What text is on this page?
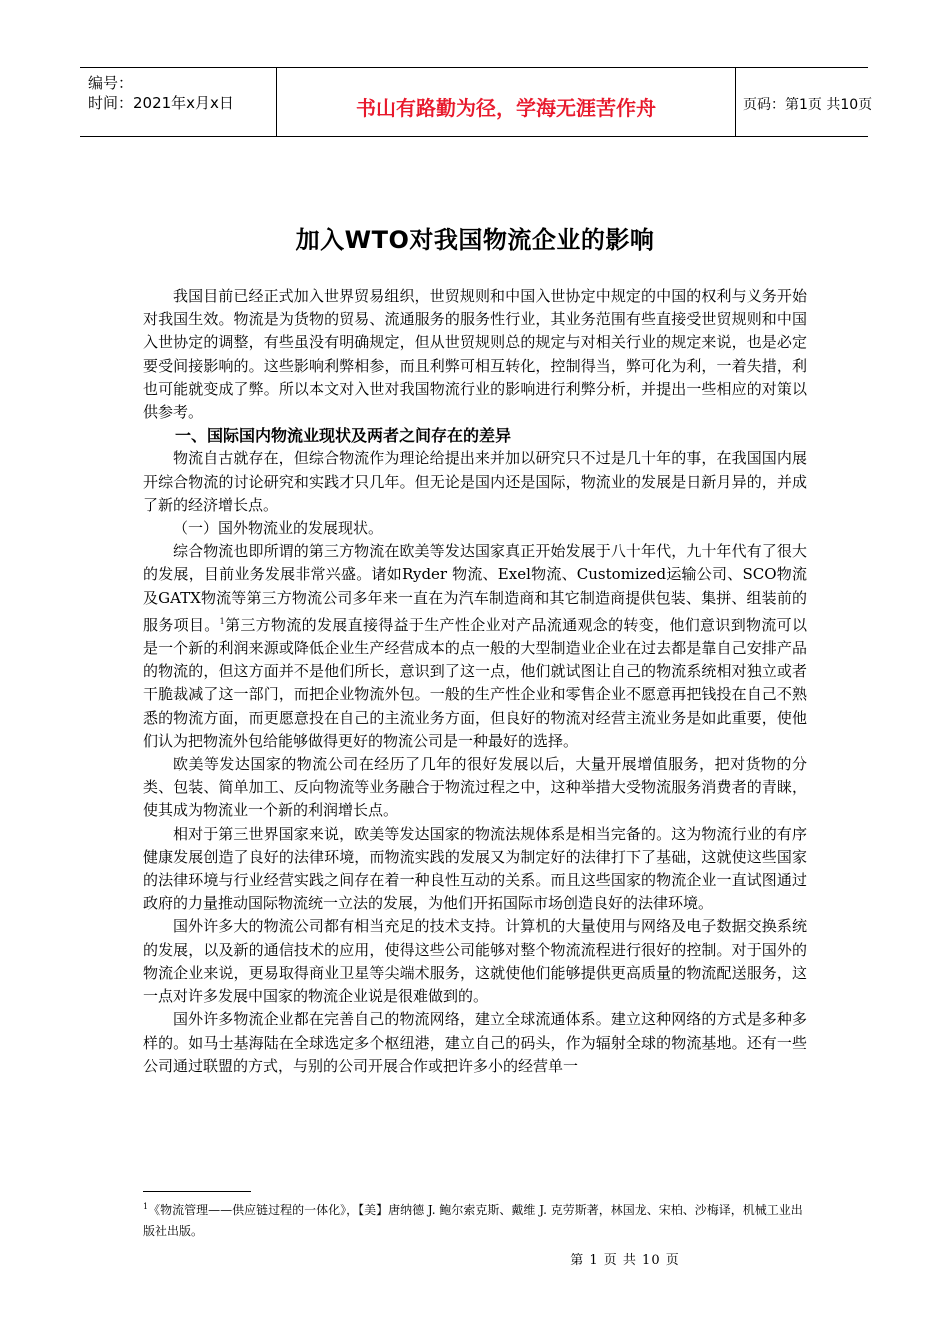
编号：
时间：2021年x月x日	书山有路勤为径，学海无涯苦作舟	页码：第1页 共10页
加入WTO对我国物流企业的影响

我国目前已经正式加入世界贸易组织，世贸规则和中国入世协定中规定的中国的权利与义务开始对我国生效。物流是为货物的贸易、流通服务的服务性行业，其业务范围有些直接受世贸规则和中国入世协定的调整，有些虽没有明确规定，但从世贸规则总的规定与对相关行业的规定来说，也是必定要受间接影响的。这些影响利弊相参，而且利弊可相互转化，控制得当，弊可化为利，一着失措，利也可能就变成了弊。所以本文对入世对我国物流行业的影响进行利弊分析，并提出一些相应的对策以供参考。

一、国际国内物流业现状及两者之间存在的差异

物流自古就存在，但综合物流作为理论给提出来并加以研究只不过是几十年的事，在我国国内展开综合物流的讨论研究和实践才只几年。但无论是国内还是国际，物流业的发展是日新月异的，并成了新的经济增长点。

（一）国外物流业的发展现状。

综合物流也即所谓的第三方物流在欧美等发达国家真正开始发展于八十年代，九十年代有了很大的发展，目前业务发展非常兴盛。诸如Ryder 物流、Exel物流、Customized运输公司、SCO物流及GATX物流等第三方物流公司多年来一直在为汽车制造商和其它制造商提供包装、集拼、组装前的服务项目。$^1$第三方物流的发展直接得益于生产性企业对产品流通观念的转变，他们意识到物流可以是一个新的利润来源或降低企业生产经营成本的点一般的大型制造业企业在过去都是靠自己安排产品的物流的，但这方面并不是他们所长，意识到了这一点，他们就试图让自己的物流系统相对独立或者干脆裁减了这一部门，而把企业物流外包。一般的生产性企业和零售企业不愿意再把钱投在自己不熟悉的物流方面，而更愿意投在自己的主流业务方面，但良好的物流对经营主流业务是如此重要，使他们认为把物流外包给能够做得更好的物流公司是一种最好的选择。

欧美等发达国家的物流公司在经历了几年的很好发展以后，大量开展增值服务，把对货物的分类、包装、简单加工、反向物流等业务融合于物流过程之中，这种举措大受物流服务消费者的青睐，使其成为物流业一个新的利润增长点。

相对于第三世界国家来说，欧美等发达国家的物流法规体系是相当完备的。这为物流行业的有序健康发展创造了良好的法律环境，而物流实践的发展又为制定好的法律打下了基础，这就使这些国家的法律环境与行业经营实践之间存在着一种良性互动的关系。而且这些国家的物流企业一直试图通过政府的力量推动国际物流统一立法的发展，为他们开拓国际市场创造良好的法律环境。

国外许多大的物流公司都有相当充足的技术支持。计算机的大量使用与网络及电子数据交换系统的发展，以及新的通信技术的应用，使得这些公司能够对整个物流流程进行很好的控制。对于国外的物流企业来说，更易取得商业卫星等尖端术服务，这就使他们能够提供更高质量的物流配送服务，这一点对许多发展中国家的物流企业说是很难做到的。

国外许多物流企业都在完善自己的物流网络，建立全球流通体系。建立这种网络的方式是多种多样的。如马士基海陆在全球选定多个枢纽港，建立自己的码头，作为辐射全球的物流基地。还有一些公司通过联盟的方式，与别的公司开展合作或把许多小的经营单一

$^1$《物流管理——供应链过程的一体化》，【美】唐纳德 J. 鲍尔索克斯、戴维 J. 克劳斯著，林国龙、宋柏、沙梅译，机械工业出版社出版。
第 1 页 共 10 页
